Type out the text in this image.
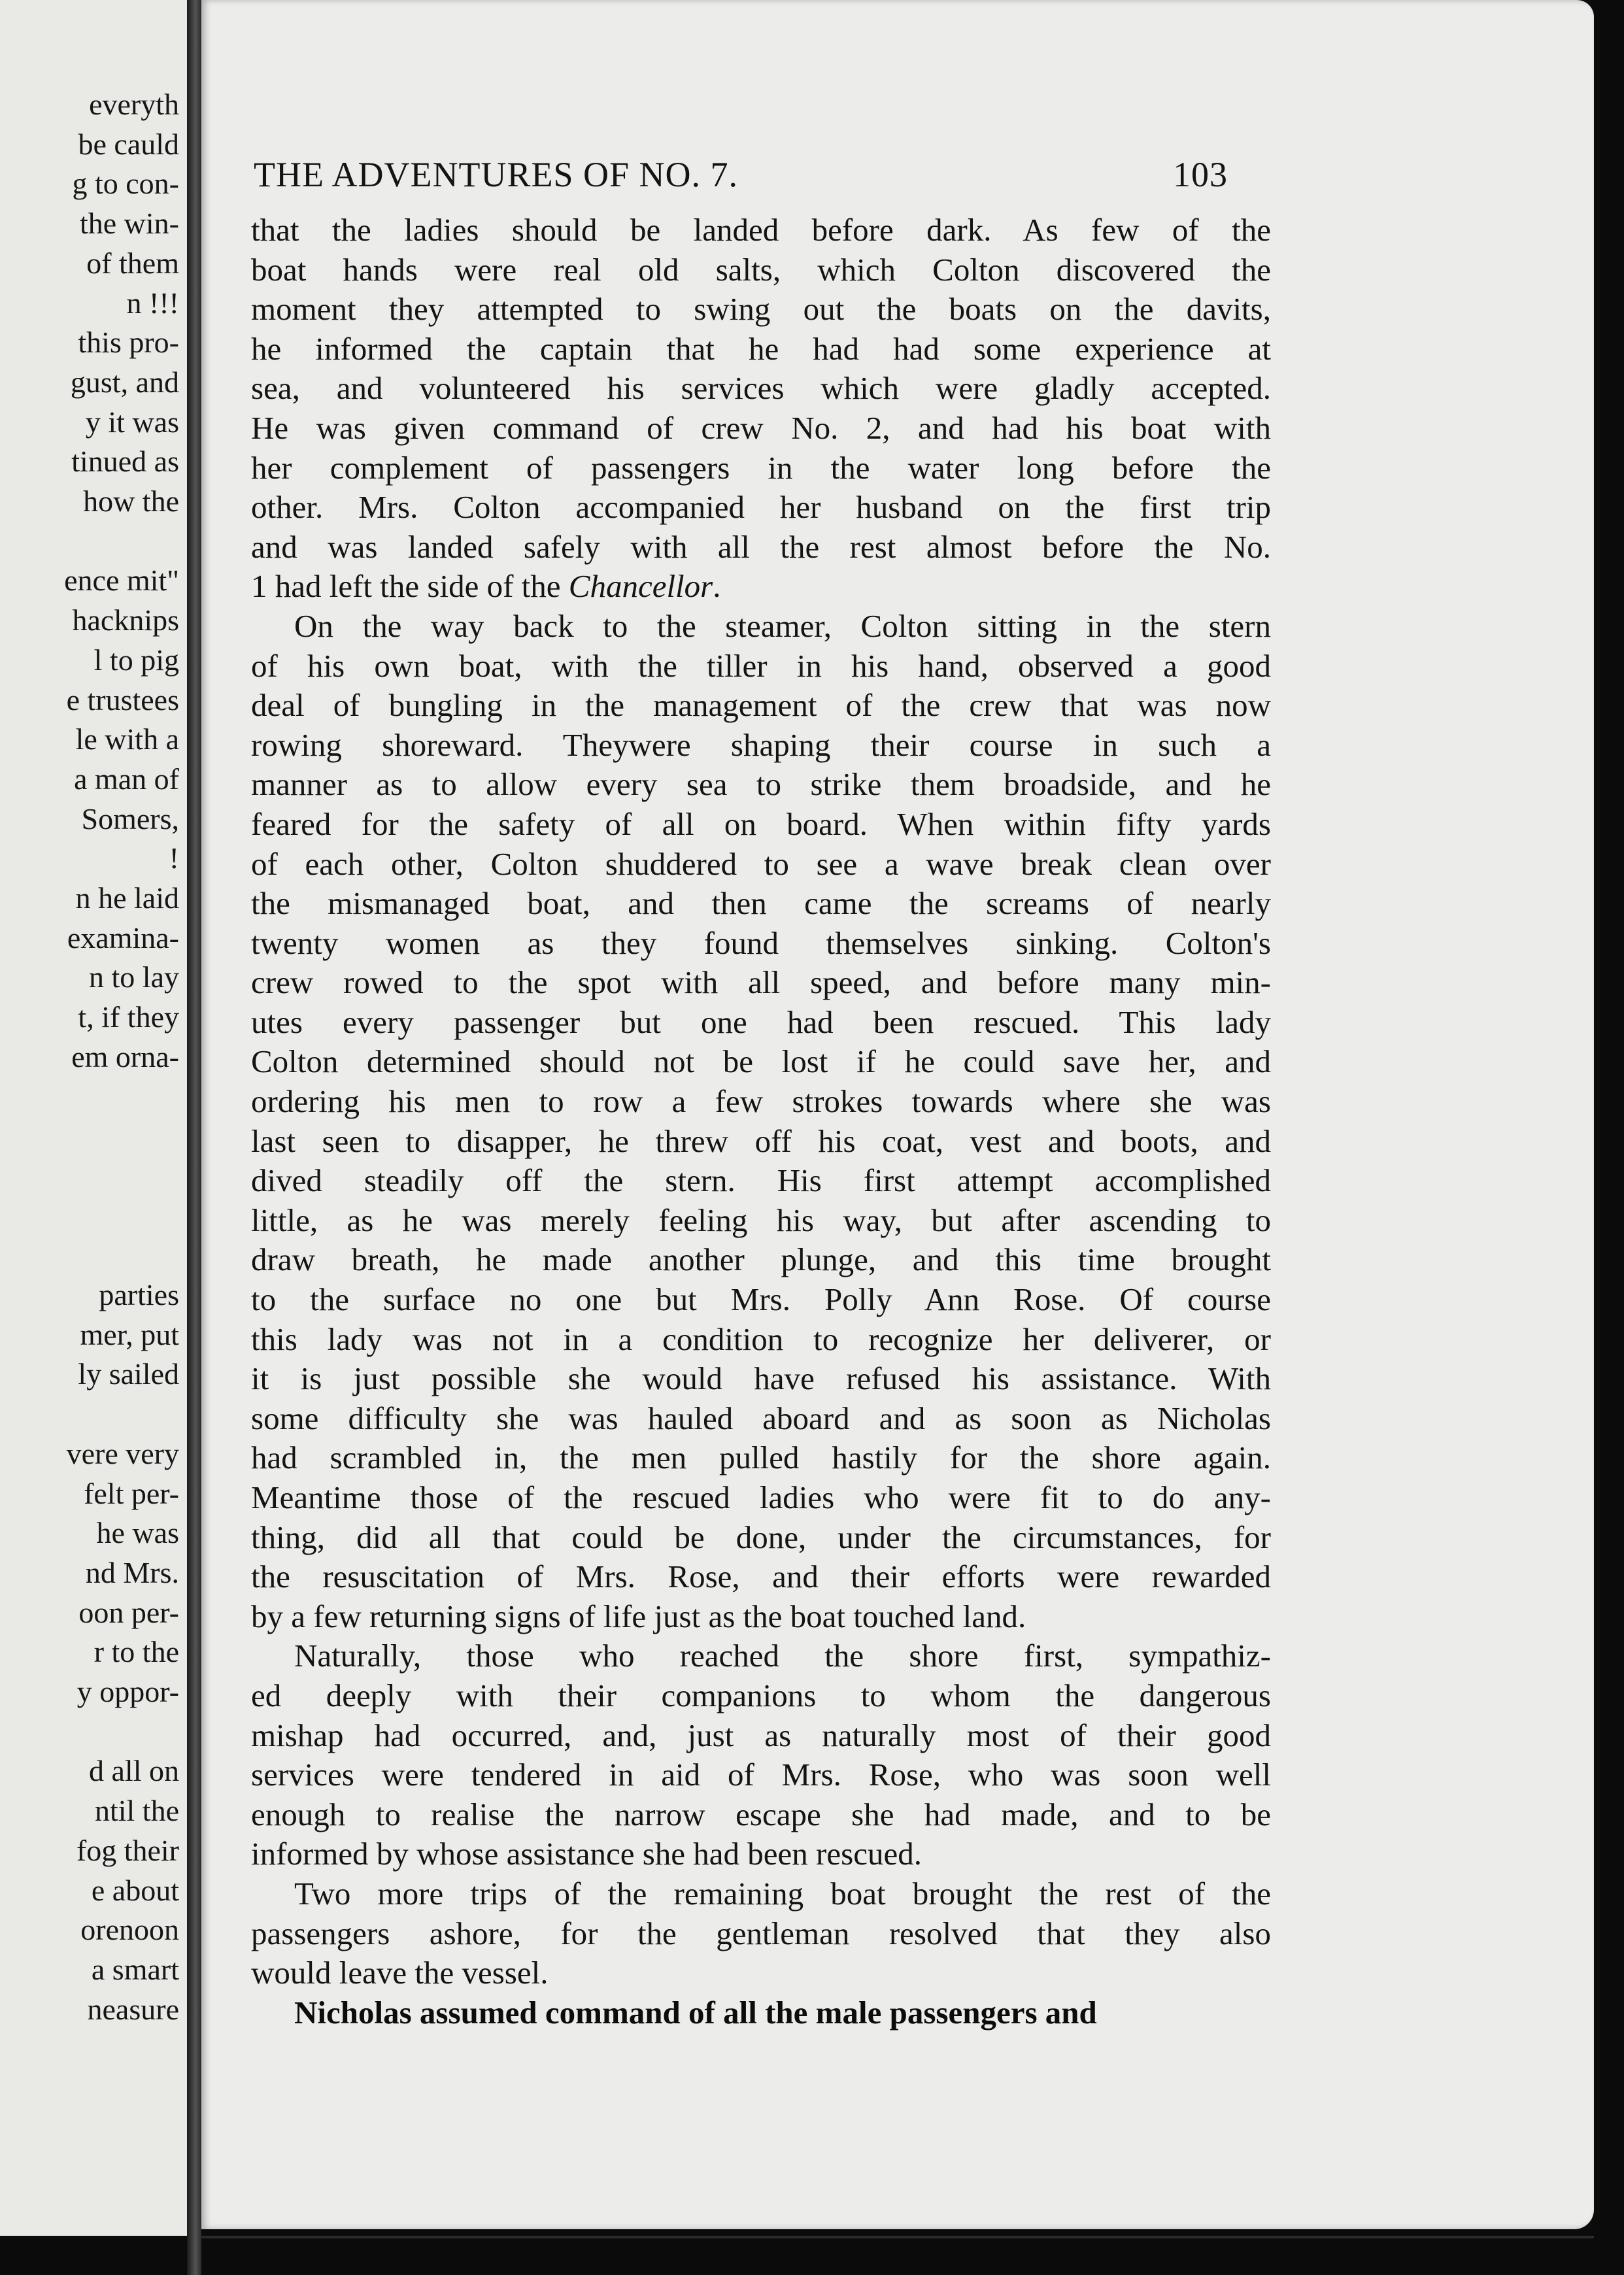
everyth
be cauld
g to con-
the win-
of them
n !!!
this pro-
gust, and
y it was
tinued as
how the
ence mit"
hacknips
l to pig
e trustees
le with a
a man of
Somers,
!
n he laid
examina-
n to lay
t, if they
em orna-
parties
mer, put
ly sailed
vere very
felt per-
he was
nd Mrs.
oon per-
r to the
y oppor-
d all on
ntil the
fog their
e about
orenoon
a smart
neasure
THE ADVENTURES OF NO. 7.	103
that the ladies should be landed before dark. As few of the
boat hands were real old salts, which Colton discovered the
moment they attempted to swing out the boats on the davits,
he informed the captain that he had had some experience at
sea, and volunteered his services which were gladly accepted.
He was given command of crew No. 2, and had his boat with
her complement of passengers in the water long before the
other. Mrs. Colton accompanied her husband on the first trip
and was landed safely with all the rest almost before the No.
1 had left the side of the Chancellor.
On the way back to the steamer, Colton sitting in the stern
of his own boat, with the tiller in his hand, observed a good
deal of bungling in the management of the crew that was now
rowing shoreward. Theywere shaping their course in such a
manner as to allow every sea to strike them broadside, and he
feared for the safety of all on board. When within fifty yards
of each other, Colton shuddered to see a wave break clean over
the mismanaged boat, and then came the screams of nearly
twenty women as they found themselves sinking. Colton's
crew rowed to the spot with all speed, and before many min-
utes every passenger but one had been rescued. This lady
Colton determined should not be lost if he could save her, and
ordering his men to row a few strokes towards where she was
last seen to disapper, he threw off his coat, vest and boots, and
dived steadily off the stern. His first attempt accomplished
little, as he was merely feeling his way, but after ascending to
draw breath, he made another plunge, and this time brought
to the surface no one but Mrs. Polly Ann Rose. Of course
this lady was not in a condition to recognize her deliverer, or
it is just possible she would have refused his assistance. With
some difficulty she was hauled aboard and as soon as Nicholas
had scrambled in, the men pulled hastily for the shore again.
Meantime those of the rescued ladies who were fit to do any-
thing, did all that could be done, under the circumstances, for
the resuscitation of Mrs. Rose, and their efforts were rewarded
by a few returning signs of life just as the boat touched land.
Naturally, those who reached the shore first, sympathiz-
ed deeply with their companions to whom the dangerous
mishap had occurred, and, just as naturally most of their good
services were tendered in aid of Mrs. Rose, who was soon well
enough to realise the narrow escape she had made, and to be
informed by whose assistance she had been rescued.
Two more trips of the remaining boat brought the rest of the
passengers ashore, for the gentleman resolved that they also
would leave the vessel.
Nicholas assumed command of all the male passengers and
